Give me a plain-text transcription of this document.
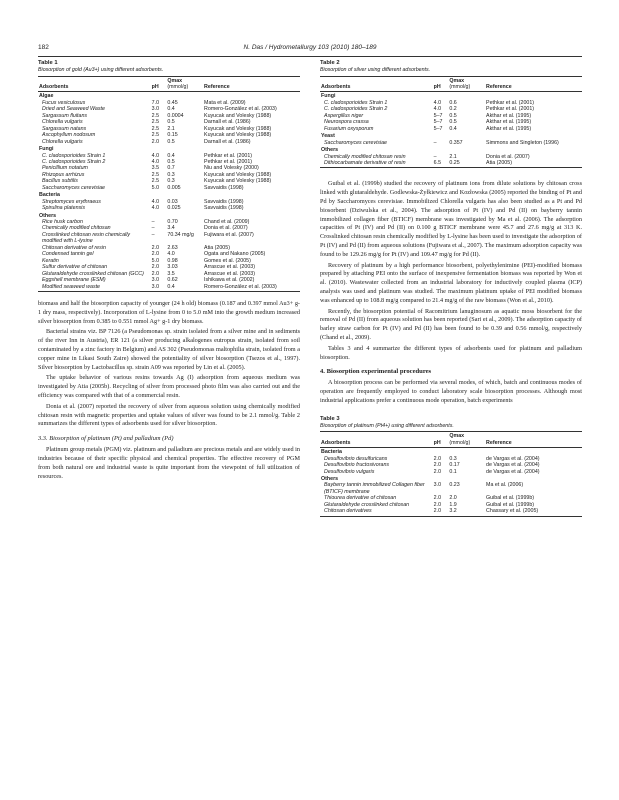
182	N. Das / Hydrometallurgy 103 (2010) 180–189
Table 1
Biosorption of gold (Au3+) using different adsorbents.
Adsorbents	pH	Qmax
(mmol/g)	Reference
Algae			
Fucus vesiculosus	7.0	0.45	Mata et al. (2009)
Dried and Seaweed Waste	3.0	0.4	Romero-González et al. (2003)
Sargassum fluitans	2.5	0.0004	Kuyucak and Volesky (1988)
Chlorella vulgaris	2.5	0.5	Darnall et al. (1986)
Sargassum natans	2.5	2.1	Kuyucak and Volesky (1988)
Ascophyllum nodosum	2.5	0.15	Kuyucak and Volesky (1988)
Chlorella vulgaris	2.0	0.5	Darnall et al. (1986)
Fungi			
C. cladosporioides Strain 1	4.0	0.4	Pethkar et al. (2001)
C. cladosporioides Strain 2	4.0	0.5	Pethkar et al. (2001)
Penicillium notatum	3.5	0.7	Niu and Volesky (2000)
Rhizopus arrhizus	2.5	0.3	Kuyucak and Volesky (1988)
Bacillus subtilis	2.5	0.3	Kuyucak and Volesky (1988)
Saccharomyces cerevisiae	5.0	0.005	Savvaidis (1998)
Bacteria			
Streptomyces erythraeus	4.0	0.03	Savvaidis (1998)
Spirulina platensis	4.0	0.025	Savvaidis (1998)
Others			
Rice husk carbon	–	0.70	Chand et al. (2009)
Chemically modified chitosan	–	3.4	Donia et al. (2007)
Crosslinked chitosan resin chemically modified with L-lysine	–	70.34 mg/g	Fujiwara et al. (2007)
Chitosan derivative of resin	2.0	2.63	Atia (2005)
Condensed tannin gel	2.0	4.0	Ogata and Nakano (2005)
Keratin	5.0	0.98	Gomes et al. (2005)
Sulfur derivative of chitosan	2.0	3.03	Arrascue et al. (2003)
Glutaraldehyde crosslinked chitosan (GCC)	2.0	3.5	Arrascue et al. (2003)
Eggshell membrane (ESM)	3.0	0.62	Ishikawa et al. (2002)
Modified seaweed waste	3.0	0.4	Romero-González et al. (2003)

biomass and half the biosorption capacity of younger (24 h old) biomass (0.187 and 0.397 mmol Au3+ g-1 dry mass, respectively). Incorporation of L-lysine from 0 to 5.0 mM into the growth medium increased silver biosorption from 0.385 to 0.551 mmol Ag+ g-1 dry biomass.

Bacterial strains viz. BP 7126 (a Pseudomonas sp. strain isolated from a silver mine and in sediments of the river Inn in Austria), ER 121 (a silver producing alkalogenes eutropus strain, isolated from soil contaminated by a zinc factory in Belgium) and AS 302 (Pseudomonas maltophilia strain, isolated from a copper mine in Likasi South Zaire) showed the potentiality of silver biosorption (Tsezos et al., 1997). Silver biosorption by Lactobacillus sp. strain A09 was reported by Lin et al. (2005).

The uptake behavior of various resins towards Ag (I) adsorption from aqueous medium was investigated by Atia (2005b). Recycling of silver from processed photo film was also carried out and the efficiency was compared with that of a commercial resin.

Donia et al. (2007) reported the recovery of silver from aqueous solution using chemically modified chitosan resin with magnetic properties and uptake values of silver was found to be 2.1 mmol/g. Table 2 summarizes the different types of adsorbents used for silver biosorption.

3.3. Biosorption of platinum (Pt) and palladium (Pd)

Platinum group metals (PGM) viz. platinum and palladium are precious metals and are widely used in industries because of their specific physical and chemical properties. The effective recovery of PGM from both natural ore and industrial waste is quite important from the viewpoint of full utilization of resources.

Table 2
Biosorption of silver using different adsorbents.
Adsorbents	pH	Qmax
(mmol/g)	Reference
Fungi			
C. cladosporioides Strain 1	4.0	0.6	Pethkar et al. (2001)
C. cladosporioides Strain 2	4.0	0.2	Pethkar et al. (2001)
Aspergillus niger	5–7	0.5	Akthar et al. (1995)
Neurospora crassa	5–7	0.5	Akthar et al. (1995)
Fusarium oxysporum	5–7	0.4	Akthar et al. (1995)
Yeast			
Saccharomyces cerevisiae	–	0.357	Simmons and Singleton (1996)
Others			
Chemically modified chitosan resin	–	2.1	Donia et al. (2007)
Dithiocarbamate derivative of resin	6.5	0.25	Atia (2005)

Guibal et al. (1999b) studied the recovery of platinum ions from dilute solutions by chitosan cross linked with glutaraldehyde. Godlewska-Żyłkiewicz and Kozłowska (2005) reported the binding of Pt and Pd by Saccharomyces cerevisiae. Immobilized Chlorella vulgaris has also been studied as a Pt and Pd biosorbent (Dziwulska et al., 2004). The adsorption of Pt (IV) and Pd (II) on bayberry tannin immobilized collagen fiber (BTICF) membrane was investigated by Ma et al. (2006). The adsorption capacities of Pt (IV) and Pd (II) on 0.100 g BTICF membrane were 45.7 and 27.6 mg/g at 313 K. Crosslinked chitosan resin chemically modified by L-lysine has been used to investigate the adsorption of Pt (IV) and Pd (II) from aqueous solutions (Fujiwara et al., 2007). The maximum adsorption capacity was found to be 129.26 mg/g for Pt (IV) and 109.47 mg/g for Pd (II).

Recovery of platinum by a high performance biosorbent, polyethylenimine (PEI)-modified biomass prepared by attaching PEI onto the surface of inexpensive fermentation biomass was reported by Won et al. (2010). Wastewater collected from an industrial laboratory for inductively coupled plasma (ICP) analysis was used and platinum was studied. The maximum platinum uptake of PEI modified biomass was enhanced up to 108.8 mg/g compared to 21.4 mg/g of the raw biomass (Won et al., 2010).

Recently, the biosorption potential of Racomitrium lanuginosum as aquatic moss biosorbent for the removal of Pd (II) from aqueous solution has been reported (Sari et al., 2009). The adsorption capacity of barley straw carbon for Pt (IV) and Pd (II) has been found to be 0.39 and 0.56 mmol/g, respectively (Chand et al., 2009).

Tables 3 and 4 summarize the different types of adsorbents used for platinum and palladium biosorption.

4. Biosorption experimental procedures

A biosorption process can be performed via several modes, of which, batch and continuous modes of operation are frequently employed to conduct laboratory scale biosorption processes. Although most industrial applications prefer a continuous mode operation, batch experiments

Table 3
Biosorption of platinum (Pt4+) using different adsorbents.
Adsorbents	pH	Qmax
(mmol/g)	Reference
Bacteria			
Desulfovibrio desulfuricans	2.0	0.3	de Vargas et al. (2004)
Desulfovibrio fructosivorans	2.0	0.17	de Vargas et al. (2004)
Desulfovibrio vulgaris	2.0	0.1	de Vargas et al. (2004)
Others			
Bayberry tannin immobilized Collagen fiber (BTICF) membrane	3.0	0.23	Ma et al. (2006)
Thiourea derivative of chitosan	2.0	2.0	Guibal et al. (1999b)
Glutaraldehyde crosslinked chitosan	2.0	1.9	Guibal et al. (1999b)
Chitosan derivatives	2.0	3.2	Chassary et al. (2005)
